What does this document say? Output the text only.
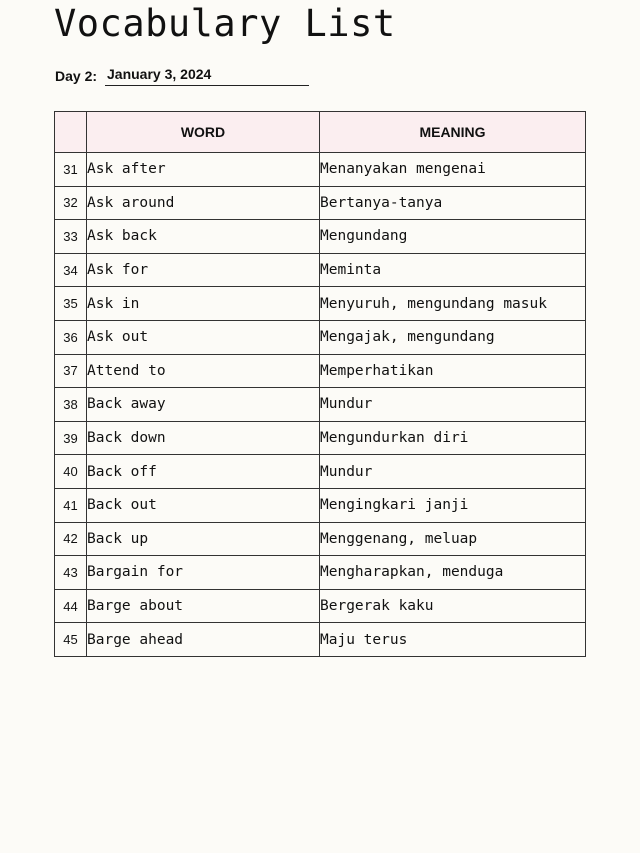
Vocabulary List
Day 2: January 3, 2024
	WORD	MEANING
31	Ask after	Menanyakan mengenai
32	Ask around	Bertanya-tanya
33	Ask back	Mengundang
34	Ask for	Meminta
35	Ask in	Menyuruh, mengundang masuk
36	Ask out	Mengajak, mengundang
37	Attend to	Memperhatikan
38	Back away	Mundur
39	Back down	Mengundurkan diri
40	Back off	Mundur
41	Back out	Mengingkari janji
42	Back up	Menggenang, meluap
43	Bargain for	Mengharapkan, menduga
44	Barge about	Bergerak kaku
45	Barge ahead	Maju terus
